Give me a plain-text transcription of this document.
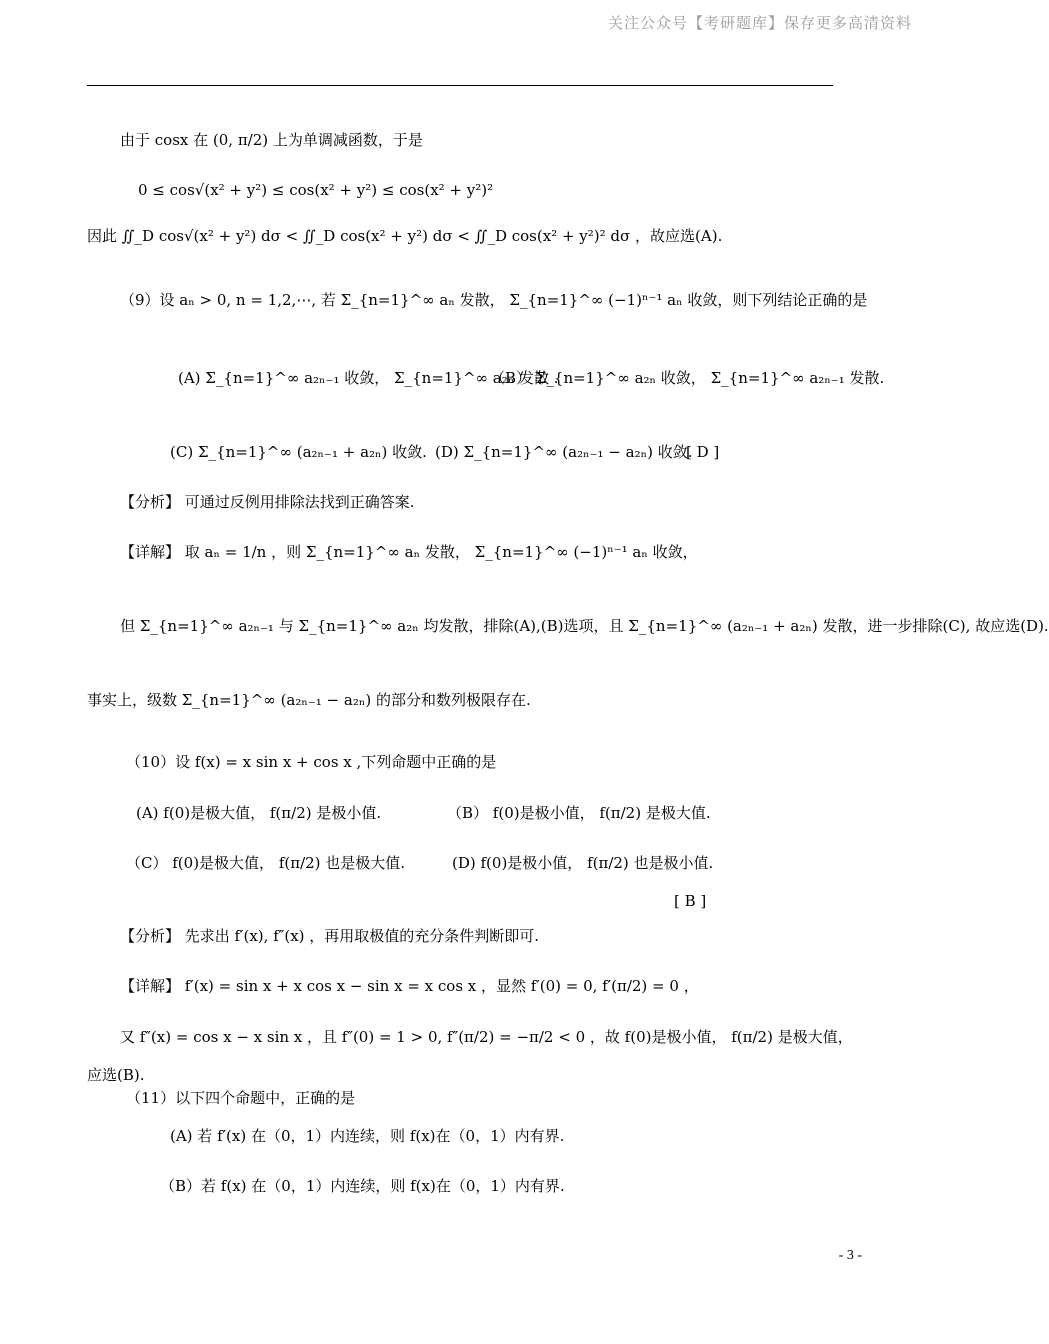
关注公众号【考研题库】保存更多高清资料
由于 cosx 在 (0, π/2) 上为单调减函数，于是
0 ≤ cos√(x² + y²) ≤ cos(x² + y²) ≤ cos(x² + y²)²
因此 ∬_D cos√(x² + y²) dσ < ∬_D cos(x² + y²) dσ < ∬_D cos(x² + y²)² dσ ，故应选(A).
（9）设 aₙ > 0, n = 1,2,⋯, 若 Σ_{n=1}^∞ aₙ 发散， Σ_{n=1}^∞ (−1)ⁿ⁻¹ aₙ 收敛，则下列结论正确的是
(A) Σ_{n=1}^∞ a₂ₙ₋₁ 收敛， Σ_{n=1}^∞ a₂ₙ 发散 .
（B） Σ_{n=1}^∞ a₂ₙ 收敛， Σ_{n=1}^∞ a₂ₙ₋₁ 发散.
(C) Σ_{n=1}^∞ (a₂ₙ₋₁ + a₂ₙ) 收敛. (D) Σ_{n=1}^∞ (a₂ₙ₋₁ − a₂ₙ) 收敛.
[ D ]
【分析】 可通过反例用排除法找到正确答案.
【详解】 取 aₙ = 1/n ，则 Σ_{n=1}^∞ aₙ 发散， Σ_{n=1}^∞ (−1)ⁿ⁻¹ aₙ 收敛，
但 Σ_{n=1}^∞ a₂ₙ₋₁ 与 Σ_{n=1}^∞ a₂ₙ 均发散，排除(A),(B)选项，且 Σ_{n=1}^∞ (a₂ₙ₋₁ + a₂ₙ) 发散，进一步排除(C), 故应选(D).
事实上，级数 Σ_{n=1}^∞ (a₂ₙ₋₁ − a₂ₙ) 的部分和数列极限存在.
（10）设 f(x) = x sin x + cos x ,下列命题中正确的是
(A) f(0)是极大值， f(π/2) 是极小值.	（B） f(0)是极小值， f(π/2) 是极大值.
（C） f(0)是极大值， f(π/2) 也是极大值.	(D) f(0)是极小值， f(π/2) 也是极小值.
[ B ]
【分析】 先求出 f′(x), f″(x) ，再用取极值的充分条件判断即可.
【详解】 f′(x) = sin x + x cos x − sin x = x cos x ，显然 f′(0) = 0, f′(π/2) = 0 ，
又 f″(x) = cos x − x sin x ，且 f″(0) = 1 > 0, f″(π/2) = −π/2 < 0 ，故 f(0)是极小值， f(π/2) 是极大值，
应选(B).
（11）以下四个命题中，正确的是
(A) 若 f′(x) 在（0，1）内连续，则 f(x)在（0，1）内有界.
（B）若 f(x) 在（0，1）内连续，则 f(x)在（0，1）内有界.
- 3 -
